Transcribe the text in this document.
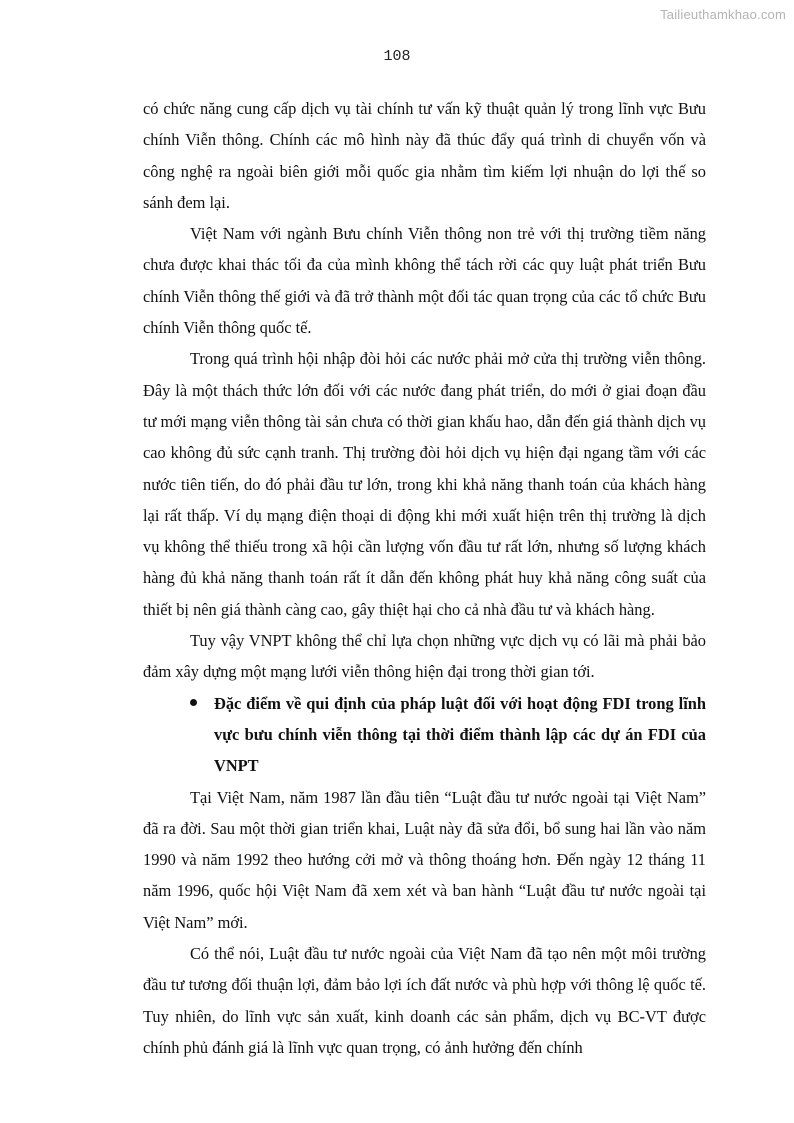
Tailieuthamkhao.com
108

có chức năng cung cấp dịch vụ tài chính tư vấn kỹ thuật quản lý trong lĩnh vực Bưu chính Viễn thông. Chính các mô hình này đã thúc đẩy quá trình di chuyển vốn và công nghệ ra ngoài biên giới mỗi quốc gia nhằm tìm kiếm lợi nhuận do lợi thế so sánh đem lại.

Việt Nam với ngành Bưu chính Viễn thông non trẻ với thị trường tiềm năng chưa được khai thác tối đa của mình không thể tách rời các quy luật phát triển Bưu chính Viễn thông thế giới và đã trở thành một đối tác quan trọng của các tổ chức Bưu chính Viễn thông quốc tế.

Trong quá trình hội nhập đòi hỏi các nước phải mở cửa thị trường viễn thông. Đây là một thách thức lớn đối với các nước đang phát triển, do mới ở giai đoạn đầu tư mới mạng viễn thông tài sản chưa có thời gian khấu hao, dẫn đến giá thành dịch vụ cao không đủ sức cạnh tranh. Thị trường đòi hỏi dịch vụ hiện đại ngang tầm với các nước tiên tiến, do đó phải đầu tư lớn, trong khi khả năng thanh toán của khách hàng lại rất thấp. Ví dụ mạng điện thoại di động khi mới xuất hiện trên thị trường là dịch vụ không thể thiếu trong xã hội cần lượng vốn đầu tư rất lớn, nhưng số lượng khách hàng đủ khả năng thanh toán rất ít dẫn đến không phát huy khả năng công suất của thiết bị nên giá thành càng cao, gây thiệt hại cho cả nhà đầu tư và khách hàng.

Tuy vậy VNPT không thể chỉ lựa chọn những vực dịch vụ có lãi mà phải bảo đảm xây dựng một mạng lưới viễn thông hiện đại trong thời gian tới.

Đặc điểm về qui định của pháp luật đối với hoạt động FDI trong lĩnh vực bưu chính viễn thông tại thời điểm thành lập các dự án FDI của VNPT

Tại Việt Nam, năm 1987 lần đầu tiên “Luật đầu tư nước ngoài tại Việt Nam” đã ra đời. Sau một thời gian triển khai, Luật này đã sửa đổi, bổ sung hai lần vào năm 1990 và năm 1992 theo hướng cởi mở và thông thoáng hơn. Đến ngày 12 tháng 11 năm 1996, quốc hội Việt Nam đã xem xét và ban hành “Luật đầu tư nước ngoài tại Việt Nam” mới.

Có thể nói, Luật đầu tư nước ngoài của Việt Nam đã tạo nên một môi trường đầu tư tương đối thuận lợi, đảm bảo lợi ích đất nước và phù hợp với thông lệ quốc tế. Tuy nhiên, do lĩnh vực sản xuất, kinh doanh các sản phẩm, dịch vụ BC-VT được chính phủ đánh giá là lĩnh vực quan trọng, có ảnh hưởng đến chính
